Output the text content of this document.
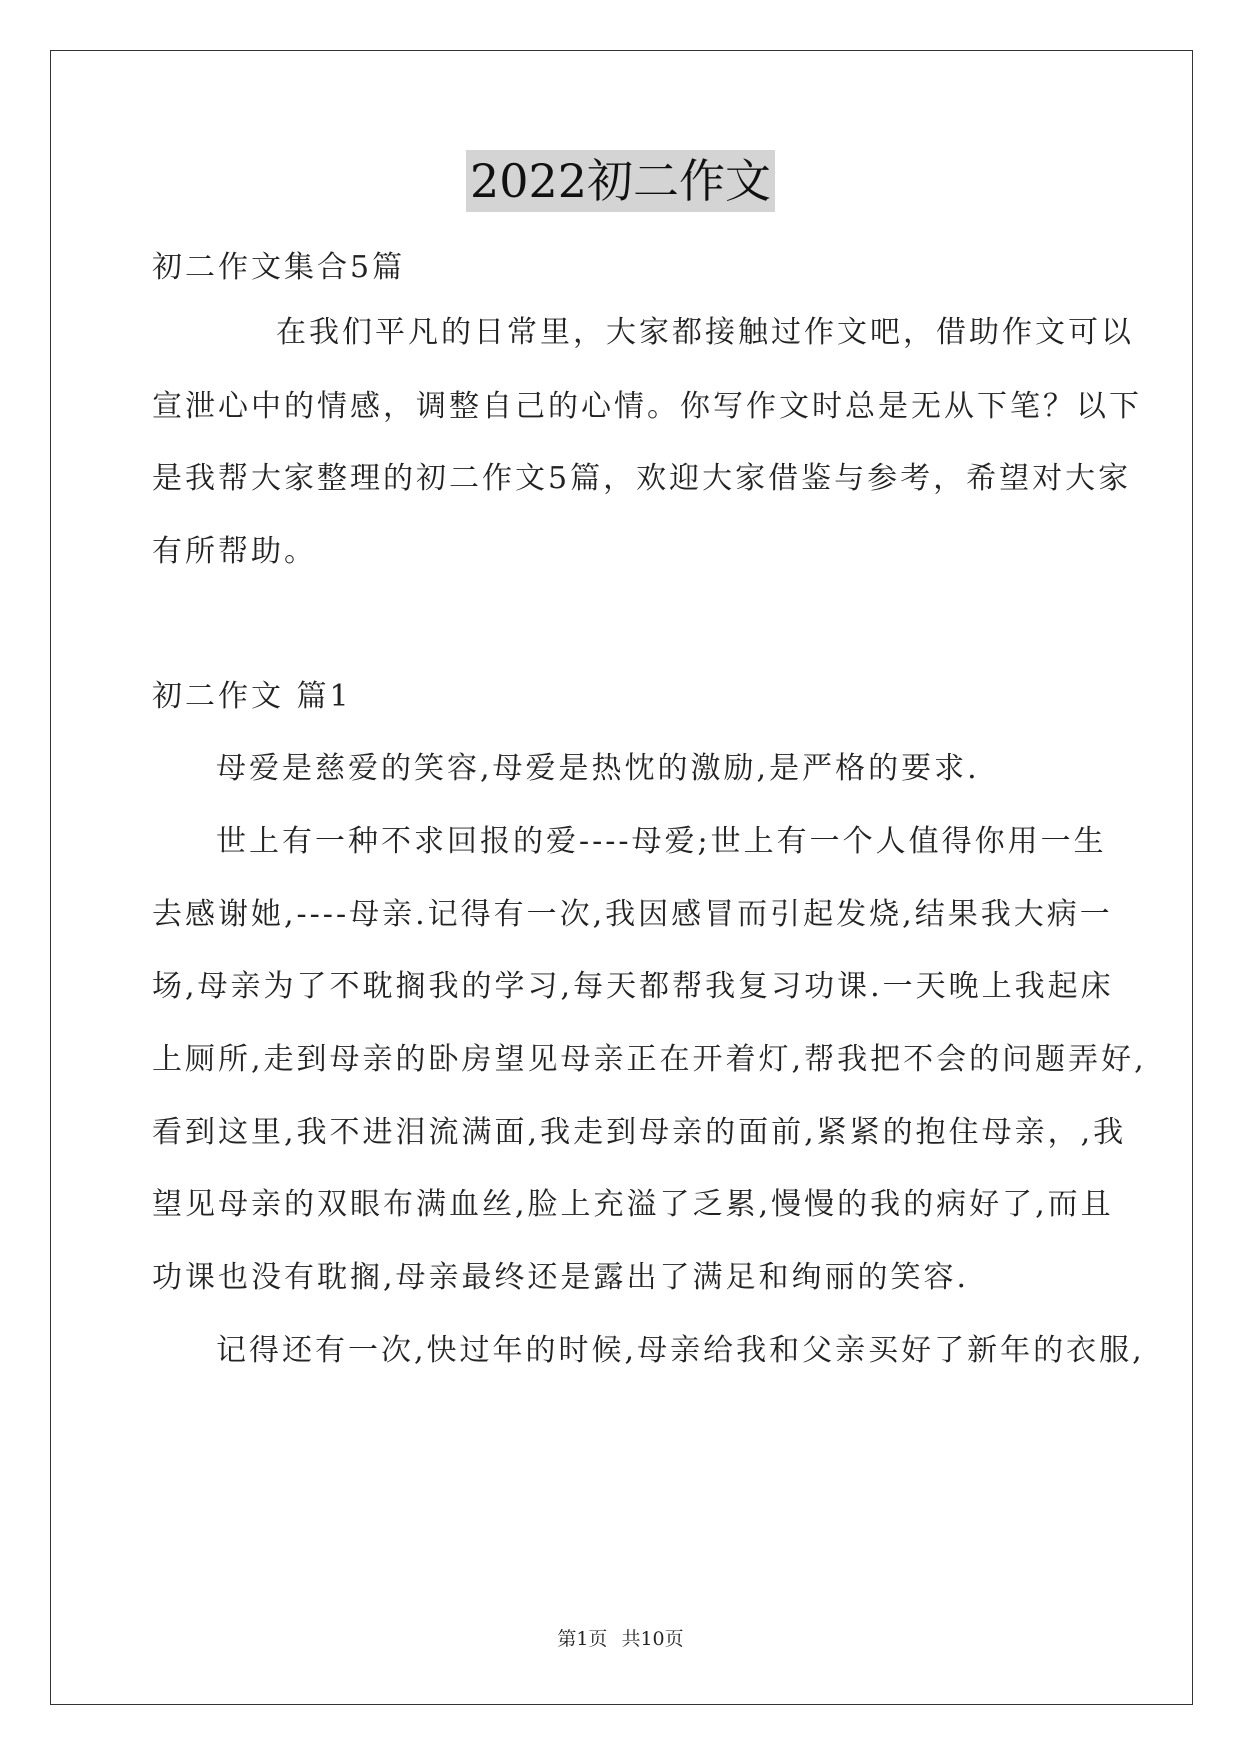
2022初二作文
初二作文集合5篇
在我们平凡的日常里，大家都接触过作文吧，借助作文可以
宣泄心中的情感，调整自己的心情。你写作文时总是无从下笔？以下
是我帮大家整理的初二作文5篇，欢迎大家借鉴与参考，希望对大家
有所帮助。
初二作文 篇1
母爱是慈爱的笑容,母爱是热忱的激励,是严格的要求.
世上有一种不求回报的爱----母爱;世上有一个人值得你用一生
去感谢她,----母亲.记得有一次,我因感冒而引起发烧,结果我大病一
场,母亲为了不耽搁我的学习,每天都帮我复习功课.一天晚上我起床
上厕所,走到母亲的卧房望见母亲正在开着灯,帮我把不会的问题弄好,
看到这里,我不进泪流满面,我走到母亲的面前,紧紧的抱住母亲，,我
望见母亲的双眼布满血丝,脸上充溢了乏累,慢慢的我的病好了,而且
功课也没有耽搁,母亲最终还是露出了满足和绚丽的笑容.
记得还有一次,快过年的时候,母亲给我和父亲买好了新年的衣服,
第1页 共10页
